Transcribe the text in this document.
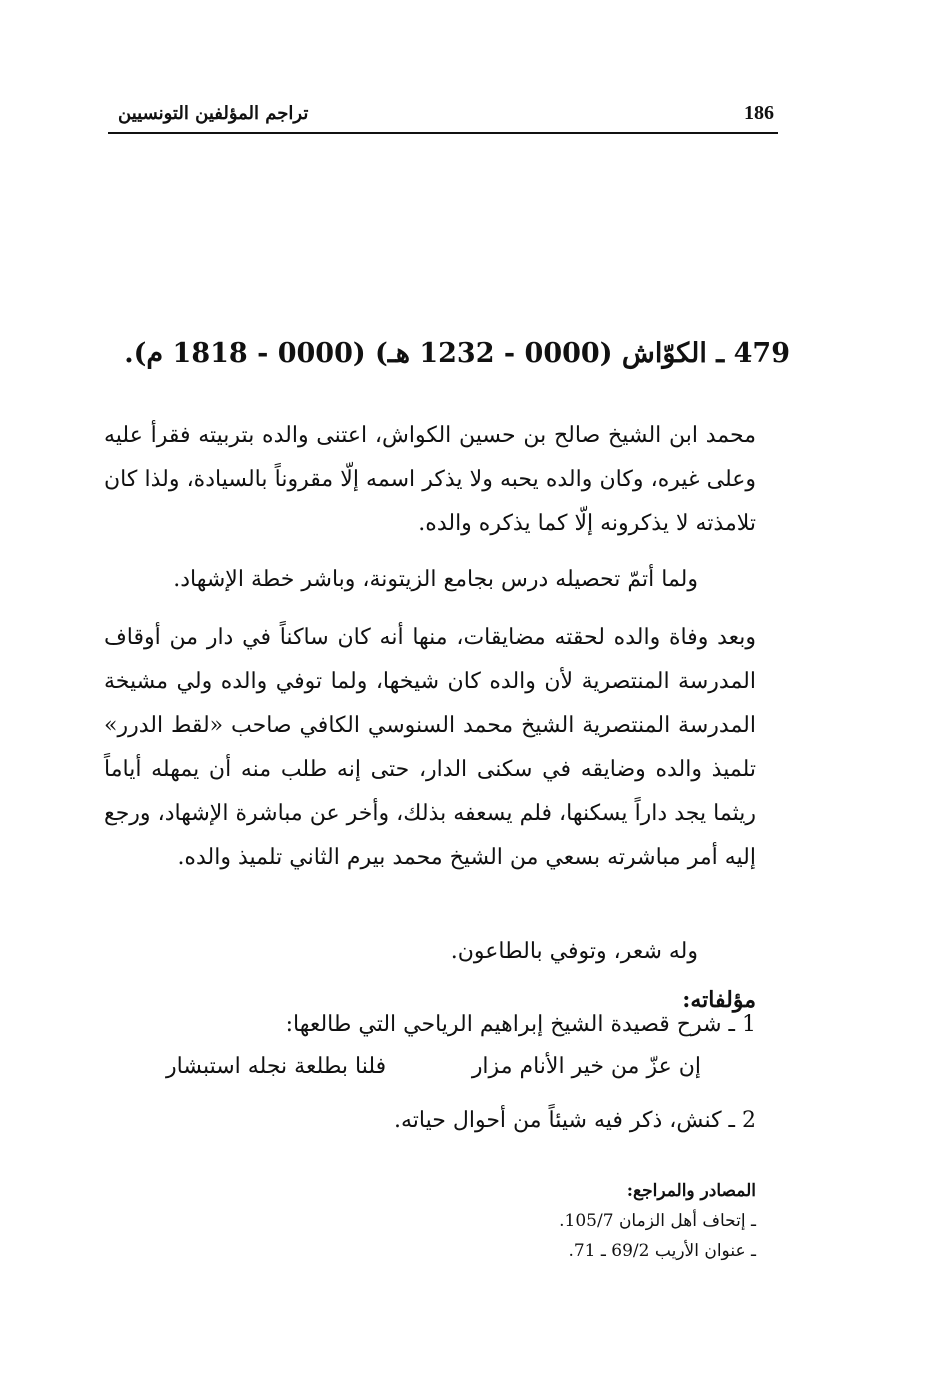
186
تراجم المؤلفين التونسيين
479 ـ الكوّاش (0000 - 1232 هـ) (0000 - 1818 م).

محمد ابن الشيخ صالح بن حسين الكواش، اعتنى والده بتربيته فقرأ عليه وعلى غيره، وكان والده يحبه ولا يذكر اسمه إلّا مقروناً بالسيادة، ولذا كان تلامذته لا يذكرونه إلّا كما يذكره والده.

ولما أتمّ تحصيله درس بجامع الزيتونة، وباشر خطة الإشهاد.

وبعد وفاة والده لحقته مضايقات، منها أنه كان ساكناً في دار من أوقاف المدرسة المنتصرية لأن والده كان شيخها، ولما توفي والده ولي مشيخة المدرسة المنتصرية الشيخ محمد السنوسي الكافي صاحب «لقط الدرر» تلميذ والده وضايقه في سكنى الدار، حتى إنه طلب منه أن يمهله أياماً ريثما يجد داراً يسكنها، فلم يسعفه بذلك، وأخر عن مباشرة الإشهاد، ورجع إليه أمر مباشرته بسعي من الشيخ محمد بيرم الثاني تلميذ والده.

وله شعر، وتوفي بالطاعون.

مؤلفاته:

1 ـ شرح قصيدة الشيخ إبراهيم الرياحي التي طالعها:

إن عزّ من خير الأنام مزار
فلنا بطلعة نجله استبشار

2 ـ كنش، ذكر فيه شيئاً من أحوال حياته.

المصادر والمراجع:
ـ إتحاف أهل الزمان 105/7.
ـ عنوان الأريب 69/2 ـ 71.
